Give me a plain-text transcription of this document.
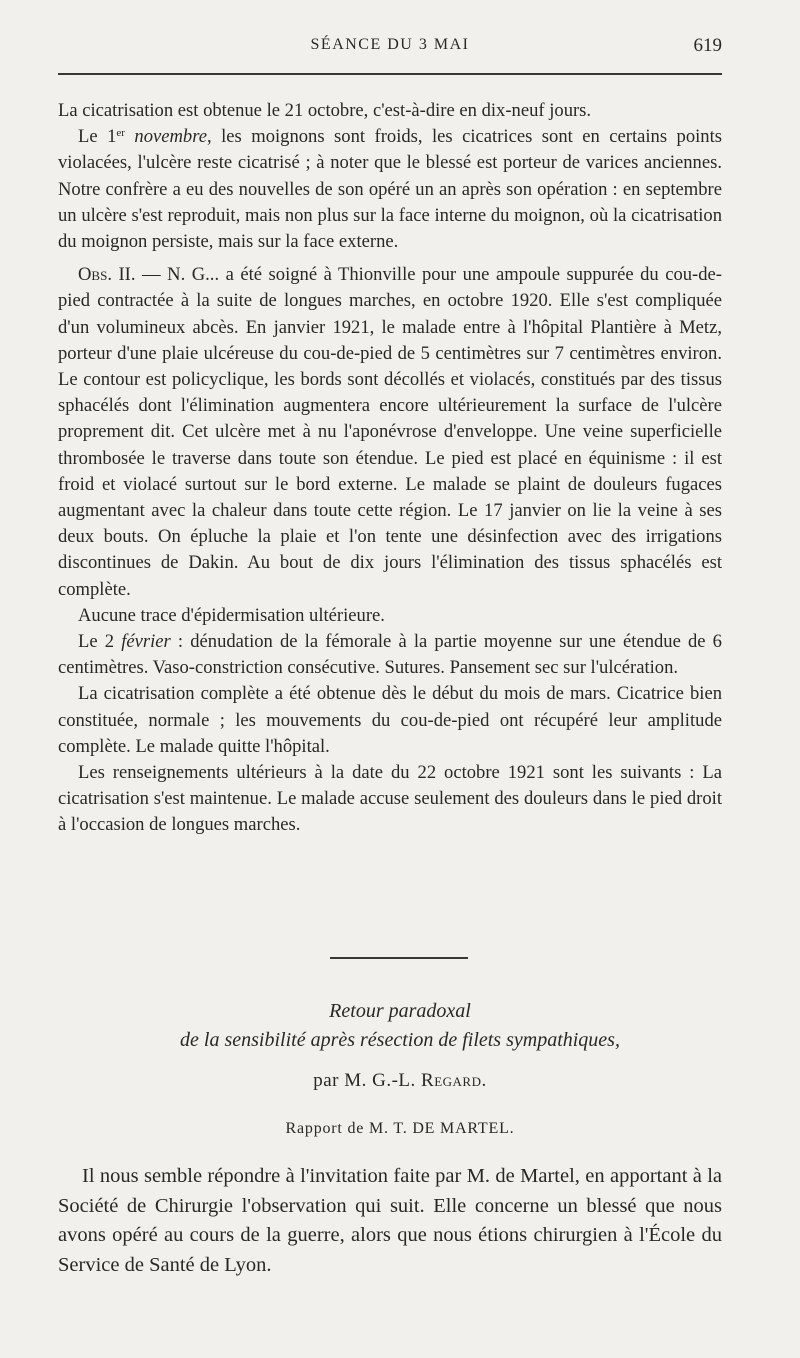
SÉANCE DU 3 MAI	619

La cicatrisation est obtenue le 21 octobre, c'est-à-dire en dix-neuf jours.

Le 1er novembre, les moignons sont froids, les cicatrices sont en certains points violacées, l'ulcère reste cicatrisé ; à noter que le blessé est porteur de varices anciennes. Notre confrère a eu des nouvelles de son opéré un an après son opération : en septembre un ulcère s'est reproduit, mais non plus sur la face interne du moignon, où la cicatrisation du moignon persiste, mais sur la face externe.

Obs. II. — N. G... a été soigné à Thionville pour une ampoule suppurée du cou-de-pied contractée à la suite de longues marches, en octobre 1920. Elle s'est compliquée d'un volumineux abcès. En janvier 1921, le malade entre à l'hôpital Plantière à Metz, porteur d'une plaie ulcéreuse du cou-de-pied de 5 centimètres sur 7 centimètres environ. Le contour est policyclique, les bords sont décollés et violacés, constitués par des tissus sphacélés dont l'élimination augmentera encore ultérieurement la surface de l'ulcère proprement dit. Cet ulcère met à nu l'aponévrose d'enveloppe. Une veine superficielle thrombosée le traverse dans toute son étendue. Le pied est placé en équinisme : il est froid et violacé surtout sur le bord externe. Le malade se plaint de douleurs fugaces augmentant avec la chaleur dans toute cette région. Le 17 janvier on lie la veine à ses deux bouts. On épluche la plaie et l'on tente une désinfection avec des irrigations discontinues de Dakin. Au bout de dix jours l'élimination des tissus sphacélés est complète.

Aucune trace d'épidermisation ultérieure.

Le 2 février : dénudation de la fémorale à la partie moyenne sur une étendue de 6 centimètres. Vaso-constriction consécutive. Sutures. Pansement sec sur l'ulcération.

La cicatrisation complète a été obtenue dès le début du mois de mars. Cicatrice bien constituée, normale ; les mouvements du cou-de-pied ont récupéré leur amplitude complète. Le malade quitte l'hôpital.

Les renseignements ultérieurs à la date du 22 octobre 1921 sont les suivants : La cicatrisation s'est maintenue. Le malade accuse seulement des douleurs dans le pied droit à l'occasion de longues marches.

Retour paradoxal
de la sensibilité après résection de filets sympathiques,
par M. G.-L. Regard.
Rapport de M. T. DE MARTEL.

Il nous semble répondre à l'invitation faite par M. de Martel, en apportant à la Société de Chirurgie l'observation qui suit. Elle concerne un blessé que nous avons opéré au cours de la guerre, alors que nous étions chirurgien à l'École du Service de Santé de Lyon.
